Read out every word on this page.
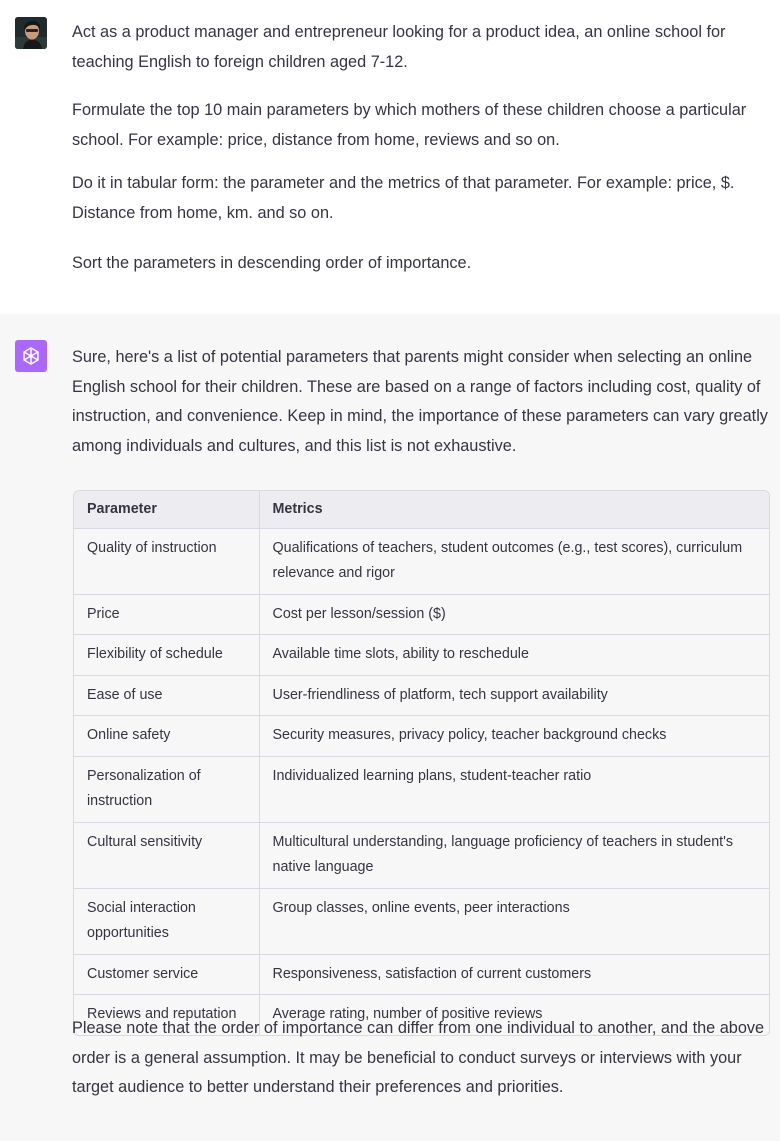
Act as a product manager and entrepreneur looking for a product idea, an online school for teaching English to foreign children aged 7-12.
Formulate the top 10 main parameters by which mothers of these children choose a particular school. For example: price, distance from home, reviews and so on.
Do it in tabular form: the parameter and the metrics of that parameter. For example: price, $. Distance from home, km. and so on.
Sort the parameters in descending order of importance.
Sure, here's a list of potential parameters that parents might consider when selecting an online English school for their children. These are based on a range of factors including cost, quality of instruction, and convenience. Keep in mind, the importance of these parameters can vary greatly among individuals and cultures, and this list is not exhaustive.
Parameter	Metrics
Quality of instruction	Qualifications of teachers, student outcomes (e.g., test scores), curriculum relevance and rigor
Price	Cost per lesson/session ($)
Flexibility of schedule	Available time slots, ability to reschedule
Ease of use	User-friendliness of platform, tech support availability
Online safety	Security measures, privacy policy, teacher background checks
Personalization of instruction	Individualized learning plans, student-teacher ratio
Cultural sensitivity	Multicultural understanding, language proficiency of teachers in student's native language
Social interaction opportunities	Group classes, online events, peer interactions
Customer service	Responsiveness, satisfaction of current customers
Reviews and reputation	Average rating, number of positive reviews
Please note that the order of importance can differ from one individual to another, and the above order is a general assumption. It may be beneficial to conduct surveys or interviews with your target audience to better understand their preferences and priorities.
